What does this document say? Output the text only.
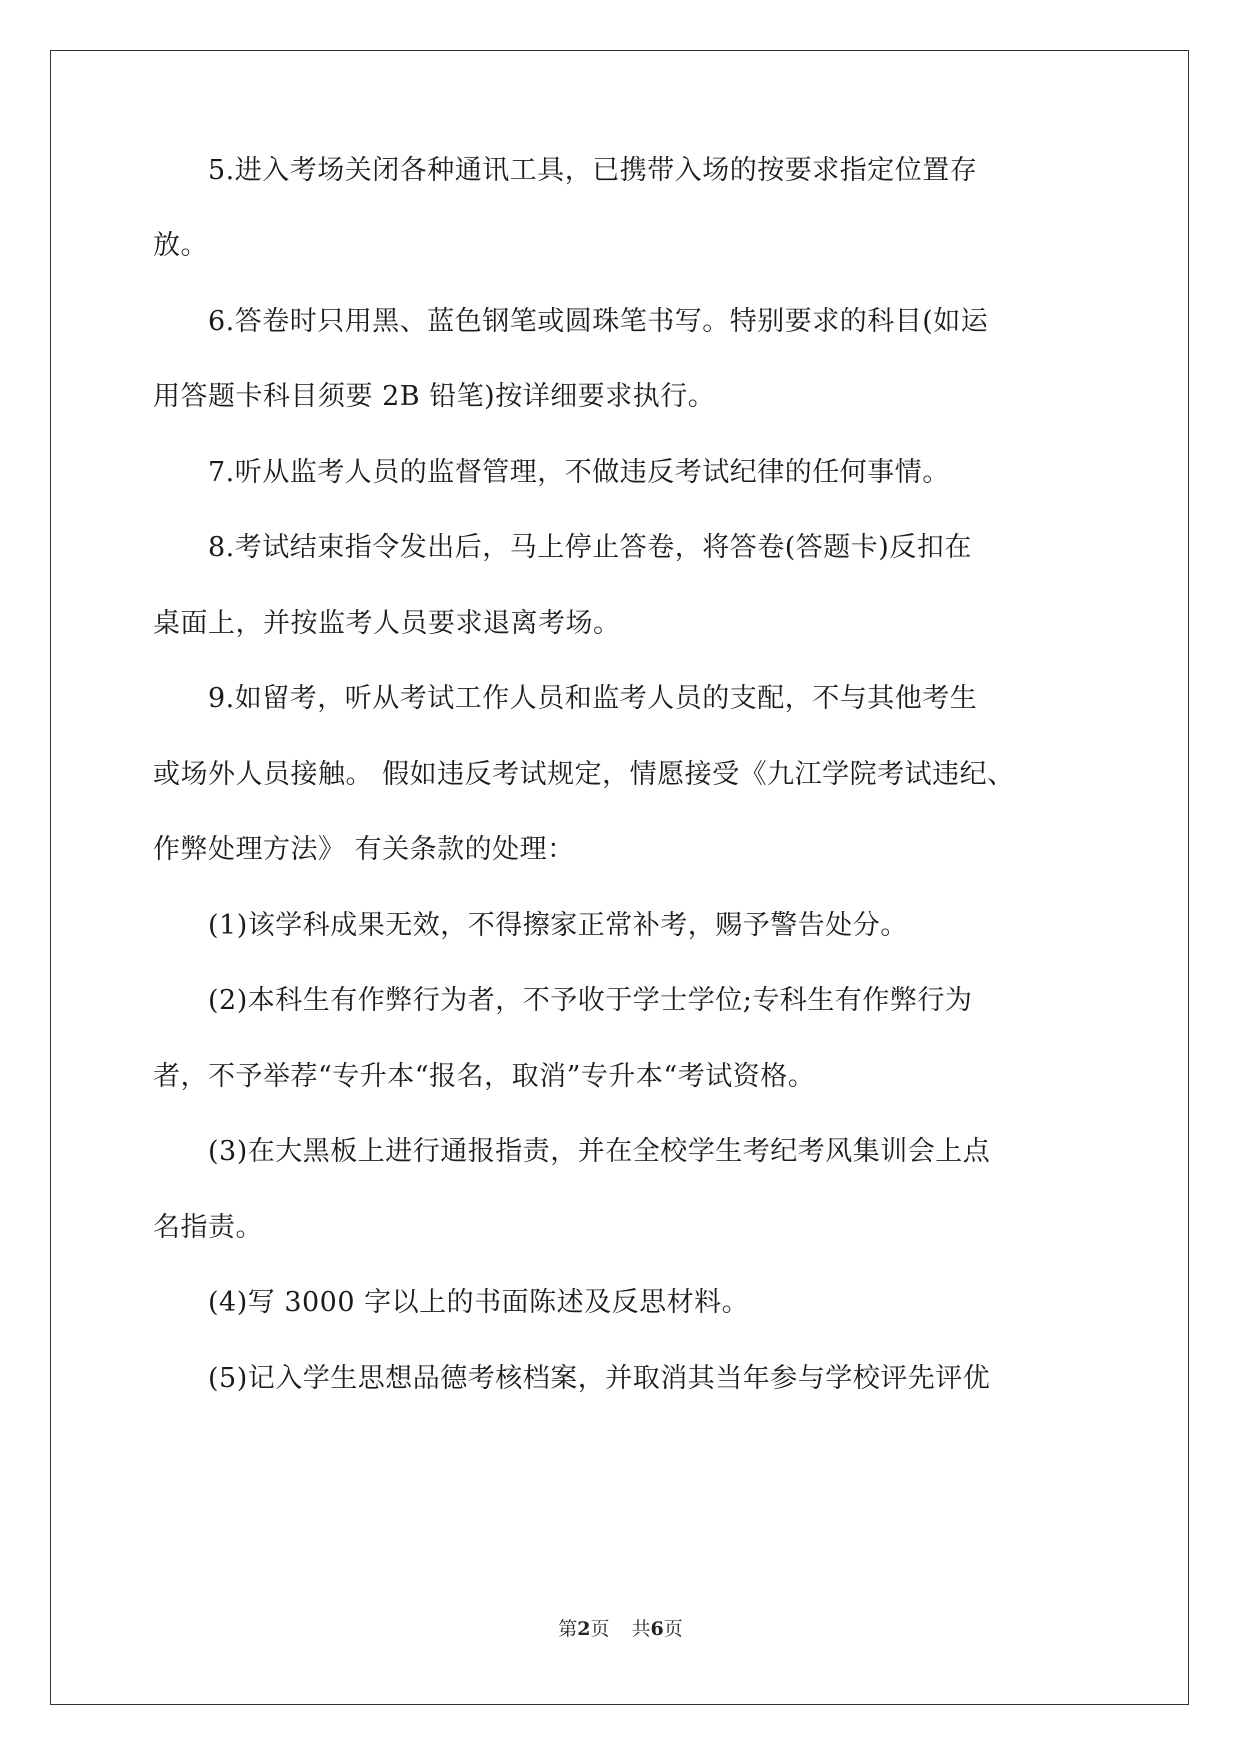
　　5.进入考场关闭各种通讯工具，已携带入场的按要求指定位置存
放。
　　6.答卷时只用黑、蓝色钢笔或圆珠笔书写。特别要求的科目(如运
用答题卡科目须要 2B 铅笔)按详细要求执行。
　　7.听从监考人员的监督管理，不做违反考试纪律的任何事情。
　　8.考试结束指令发出后，马上停止答卷，将答卷(答题卡)反扣在
桌面上，并按监考人员要求退离考场。
　　9.如留考，听从考试工作人员和监考人员的支配，不与其他考生
或场外人员接触。 假如违反考试规定，情愿接受《九江学院考试违纪、
作弊处理方法》 有关条款的处理：
　　(1)该学科成果无效，不得擦家正常补考，赐予警告处分。
　　(2)本科生有作弊行为者，不予收于学士学位;专科生有作弊行为
者，不予举荐“专升本“报名，取消”专升本“考试资格。
　　(3)在大黑板上进行通报指责，并在全校学生考纪考风集训会上点
名指责。
　　(4)写 3000 字以上的书面陈述及反思材料。
　　(5)记入学生思想品德考核档案，并取消其当年参与学校评先评优
第2页 共6页
